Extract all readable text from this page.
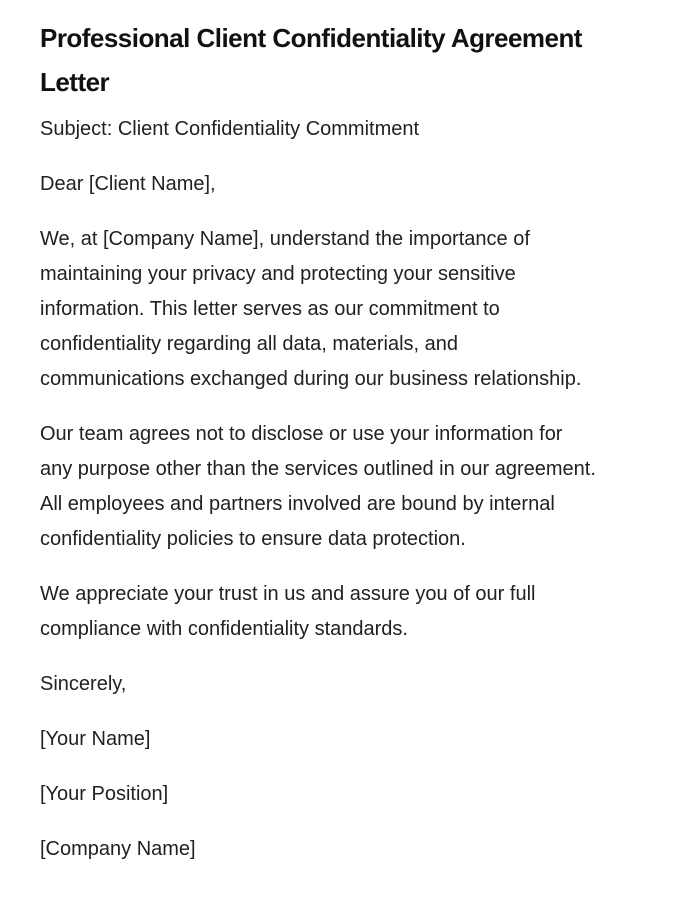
Professional Client Confidentiality Agreement Letter

Subject: Client Confidentiality Commitment

Dear [Client Name],

We, at [Company Name], understand the importance of maintaining your privacy and protecting your sensitive information. This letter serves as our commitment to confidentiality regarding all data, materials, and communications exchanged during our business relationship.

Our team agrees not to disclose or use your information for any purpose other than the services outlined in our agreement. All employees and partners involved are bound by internal confidentiality policies to ensure data protection.

We appreciate your trust in us and assure you of our full compliance with confidentiality standards.

Sincerely,

[Your Name]

[Your Position]

[Company Name]
